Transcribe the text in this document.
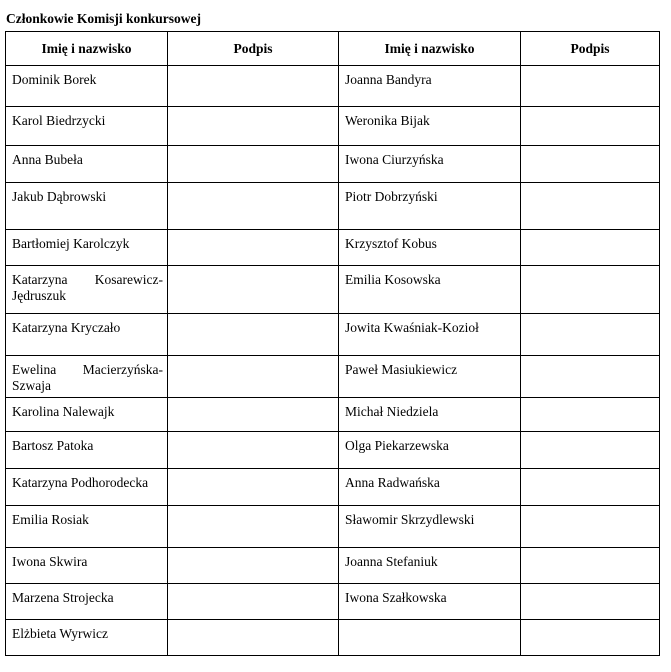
Członkowie Komisji konkursowej
Imię i nazwisko	Podpis	Imię i nazwisko	Podpis
Dominik Borek		Joanna Bandyra	
Karol Biedrzycki		Weronika Bijak	
Anna Bubeła		Iwona Ciurzyńska	
Jakub Dąbrowski		Piotr Dobrzyński	
Bartłomiej Karolczyk		Krzysztof Kobus	
Katarzyna Kosarewicz-Jędruszuk		Emilia Kosowska	
Katarzyna Kryczało		Jowita Kwaśniak-Kozioł	
Ewelina Macierzyńska-Szwaja		Paweł Masiukiewicz	
Karolina Nalewajk		Michał Niedziela	
Bartosz Patoka		Olga Piekarzewska	
Katarzyna Podhorodecka		Anna Radwańska	
Emilia Rosiak		Sławomir Skrzydlewski	
Iwona Skwira		Joanna Stefaniuk	
Marzena Strojecka		Iwona Szałkowska	
Elżbieta Wyrwicz			
